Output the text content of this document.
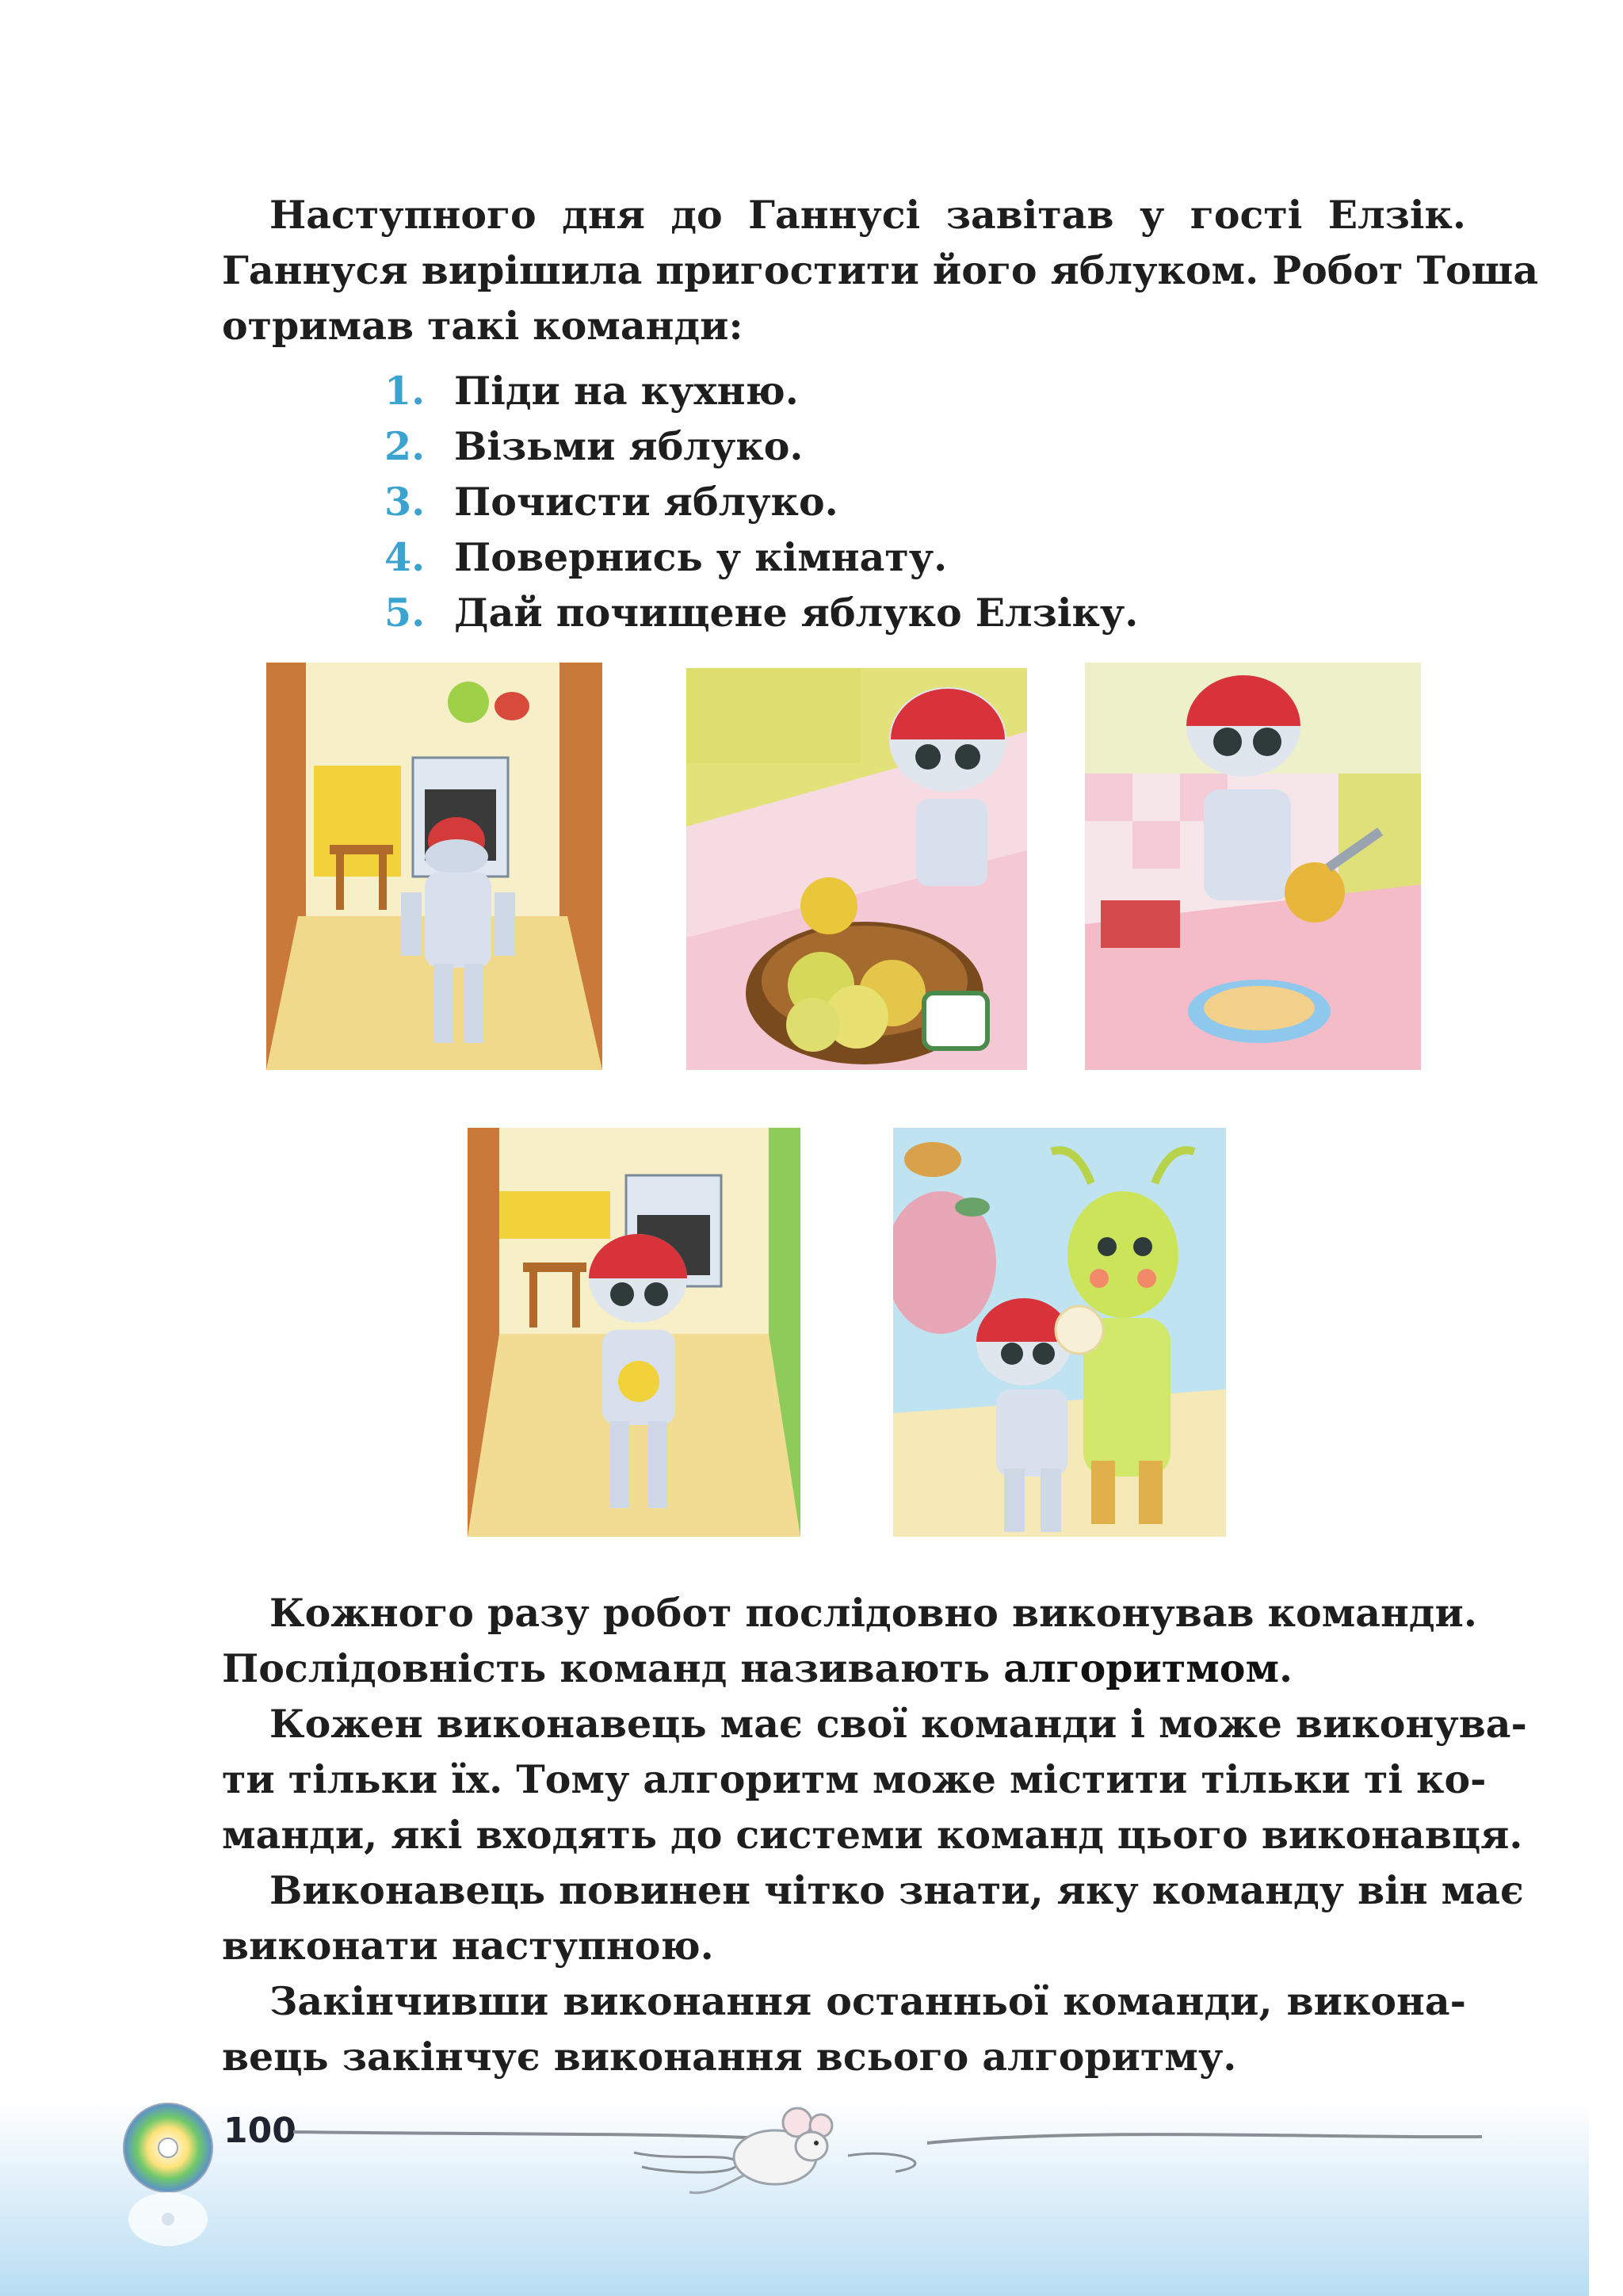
Наступного дня до Ганнусі завітав у гості Елзік.
Ганнуся вирішила пригостити його яблуком. Робот Тоша
отримав такі команди:
1. Піди на кухню.
2. Візьми яблуко.
3. Почисти яблуко.
4. Повернись у кімнату.
5. Дай почищене яблуко Елзіку.
Кожного разу робот послідовно виконував команди.
Послідовність команд називають алгоритмом.
Кожен виконавець має свої команди і може виконува-
ти тільки їх. Тому алгоритм може містити тільки ті ко-
манди, які входять до системи команд цього виконавця.
Виконавець повинен чітко знати, яку команду він має
виконати наступною.
Закінчивши виконання останньої команди, викона-
вець закінчує виконання всього алгоритму.
100
